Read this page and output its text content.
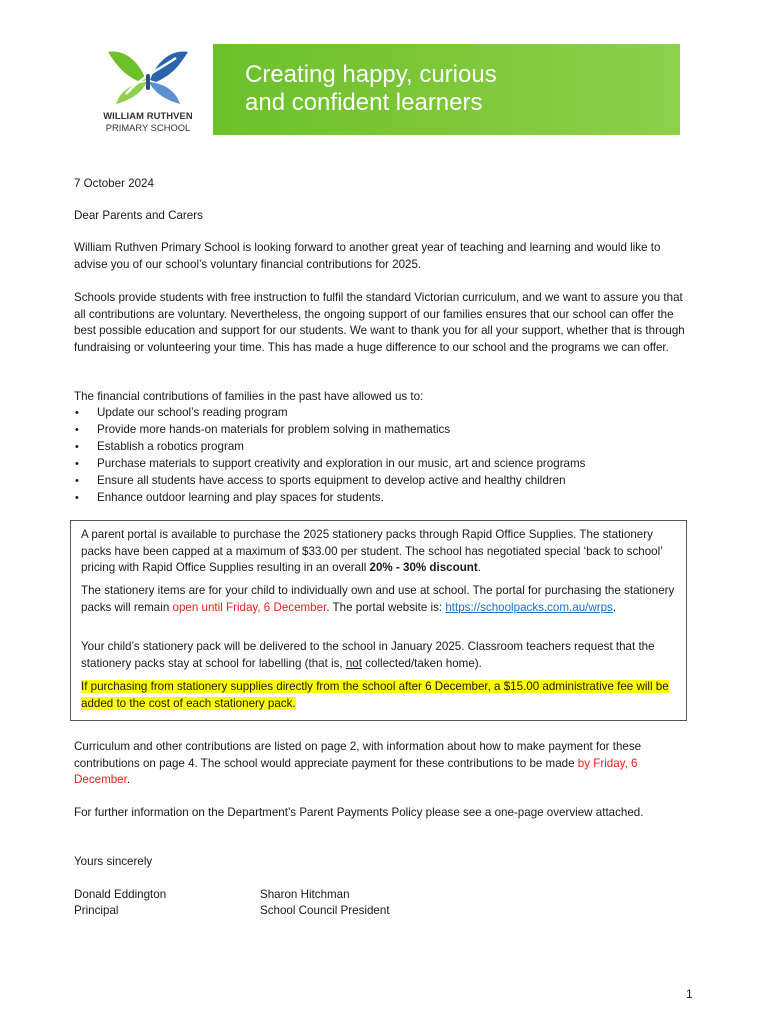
WILLIAM RUTHVEN
PRIMARY SCHOOL
Creating happy, curious
and confident learners

7 October 2024

Dear Parents and Carers

William Ruthven Primary School is looking forward to another great year of teaching and learning and would like to advise you of our school’s voluntary financial contributions for 2025.

Schools provide students with free instruction to fulfil the standard Victorian curriculum, and we want to assure you that all contributions are voluntary. Nevertheless, the ongoing support of our families ensures that our school can offer the best possible education and support for our students. We want to thank you for all your support, whether that is through fundraising or volunteering your time. This has made a huge difference to our school and the programs we can offer.

The financial contributions of families in the past have allowed us to:

• Update our school’s reading program
• Provide more hands-on materials for problem solving in mathematics
• Establish a robotics program
• Purchase materials to support creativity and exploration in our music, art and science programs
• Ensure all students have access to sports equipment to develop active and healthy children
• Enhance outdoor learning and play spaces for students.

A parent portal is available to purchase the 2025 stationery packs through Rapid Office Supplies. The stationery packs have been capped at a maximum of $33.00 per student. The school has negotiated special ‘back to school’ pricing with Rapid Office Supplies resulting in an overall 20% - 30% discount.

The stationery items are for your child to individually own and use at school. The portal for purchasing the stationery packs will remain open until Friday, 6 December. The portal website is: https://schoolpacks.com.au/wrps.

Your child’s stationery pack will be delivered to the school in January 2025. Classroom teachers request that the stationery packs stay at school for labelling (that is, not collected/taken home).

If purchasing from stationery supplies directly from the school after 6 December, a $15.00 administrative fee will be added to the cost of each stationery pack.

Curriculum and other contributions are listed on page 2, with information about how to make payment for these contributions on page 4. The school would appreciate payment for these contributions to be made by Friday, 6 December.

For further information on the Department’s Parent Payments Policy please see a one-page overview attached.

Yours sincerely

Donald Eddington
Principal
Sharon Hitchman
School Council President
1
